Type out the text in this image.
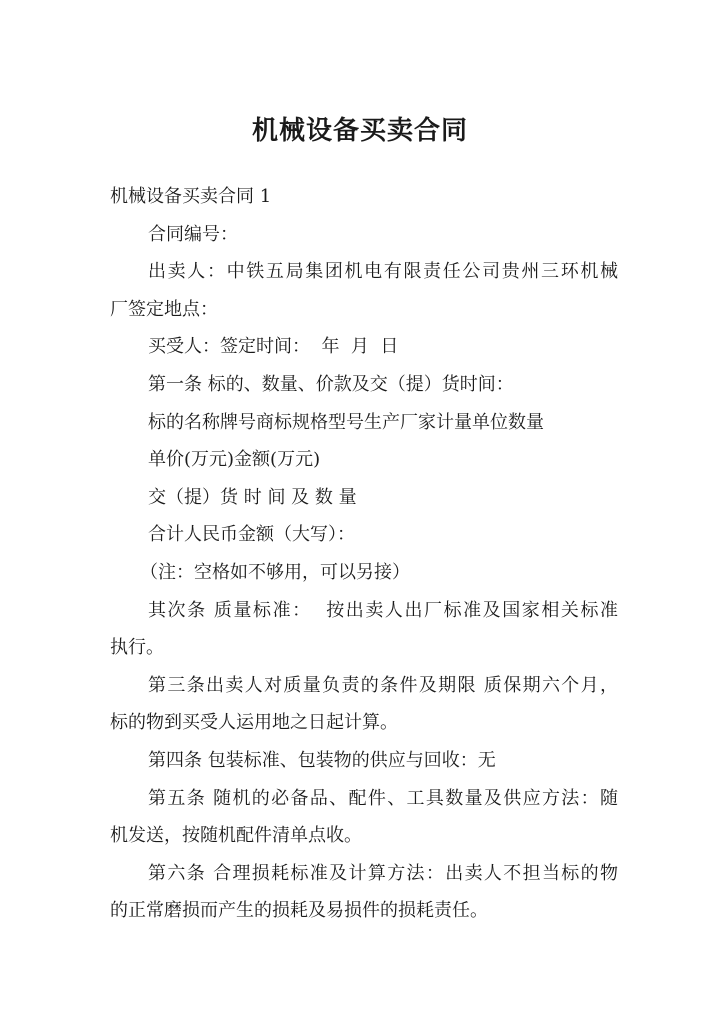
机械设备买卖合同
机械设备买卖合同 1
合同编号：
出卖人：中铁五局集团机电有限责任公司贵州三环机械
厂签定地点：
买受人：签定时间：  年  月  日
第一条 标的、数量、价款及交（提）货时间：
标的名称牌号商标规格型号生产厂家计量单位数量
单价(万元)金额(万元)
交（提）货 时 间 及 数 量
合计人民币金额（大写）：
（注：空格如不够用，可以另接）
其次条 质量标准：  按出卖人出厂标准及国家相关标准
执行。
第三条出卖人对质量负责的条件及期限 质保期六个月，
标的物到买受人运用地之日起计算。
第四条 包装标准、包装物的供应与回收：无
第五条 随机的必备品、配件、工具数量及供应方法：随
机发送，按随机配件清单点收。
第六条 合理损耗标准及计算方法：出卖人不担当标的物
的正常磨损而产生的损耗及易损件的损耗责任。
